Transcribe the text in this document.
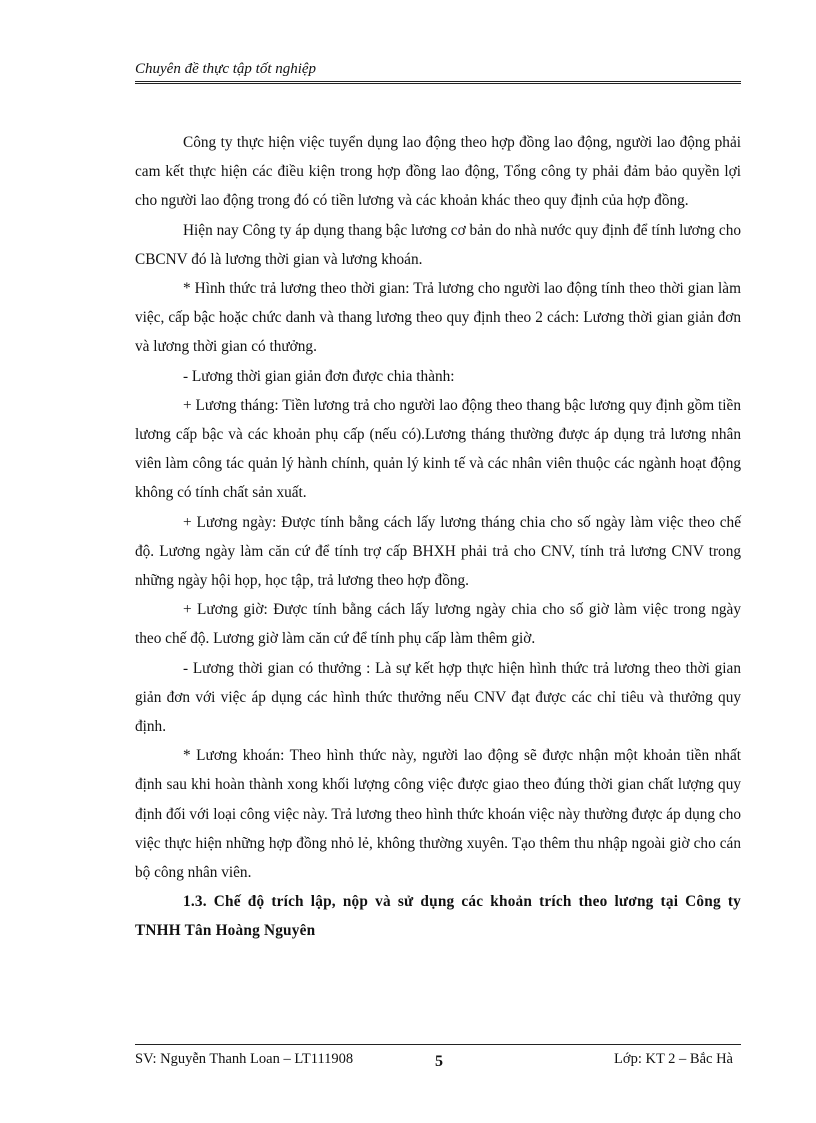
Chuyên đề thực tập tốt nghiệp

Công ty thực hiện việc tuyển dụng lao động theo hợp đồng lao động, người lao động phải cam kết thực hiện các điều kiện trong hợp đồng lao động, Tổng công ty phải đảm bảo quyền lợi cho người lao động trong đó có tiền lương và các khoản khác theo quy định của hợp đồng.

Hiện nay Công ty áp dụng thang bậc lương cơ bản do nhà nước quy định để tính lương cho CBCNV đó là lương thời gian và lương khoán.

* Hình thức trả lương theo thời gian: Trả lương cho người lao động tính theo thời gian làm việc, cấp bậc hoặc chức danh và thang lương theo quy định theo 2 cách: Lương thời gian giản đơn và lương thời gian có thưởng.

- Lương thời gian giản đơn được chia thành:

+ Lương tháng: Tiền lương trả cho người lao động theo thang bậc lương quy định gồm tiền lương cấp bậc và các khoản phụ cấp (nếu có).Lương tháng thường được áp dụng trả lương nhân viên làm công tác quản lý hành chính, quản lý kinh tế và các nhân viên thuộc các ngành hoạt động không có tính chất sản xuất.

+ Lương ngày: Được tính bằng cách lấy lương tháng chia cho số ngày làm việc theo chế độ. Lương ngày làm căn cứ để tính trợ cấp BHXH phải trả cho CNV, tính trả lương CNV trong những ngày hội họp, học tập, trả lương theo hợp đồng.

+ Lương giờ: Được tính bằng cách lấy lương ngày chia cho số giờ làm việc trong ngày theo chế độ. Lương giờ làm căn cứ để tính phụ cấp làm thêm giờ.

- Lương thời gian có thưởng : Là sự kết hợp thực hiện hình thức trả lương theo thời gian giản đơn với việc áp dụng các hình thức thưởng nếu CNV đạt được các chỉ tiêu và thưởng quy định.

* Lương khoán: Theo hình thức này, người lao động sẽ được nhận một khoản tiền nhất định sau khi hoàn thành xong khối lượng công việc được giao theo đúng thời gian chất lượng quy định đối với loại công việc này. Trả lương theo hình thức khoán việc này thường được áp dụng cho việc thực hiện những hợp đồng nhỏ lẻ, không thường xuyên. Tạo thêm thu nhập ngoài giờ cho cán bộ công nhân viên.

1.3. Chế độ trích lập, nộp và sử dụng các khoản trích theo lương tại Công ty TNHH Tân Hoàng Nguyên

SV: Nguyễn Thanh Loan – LT111908	5	Lớp: KT 2 – Bắc Hà
